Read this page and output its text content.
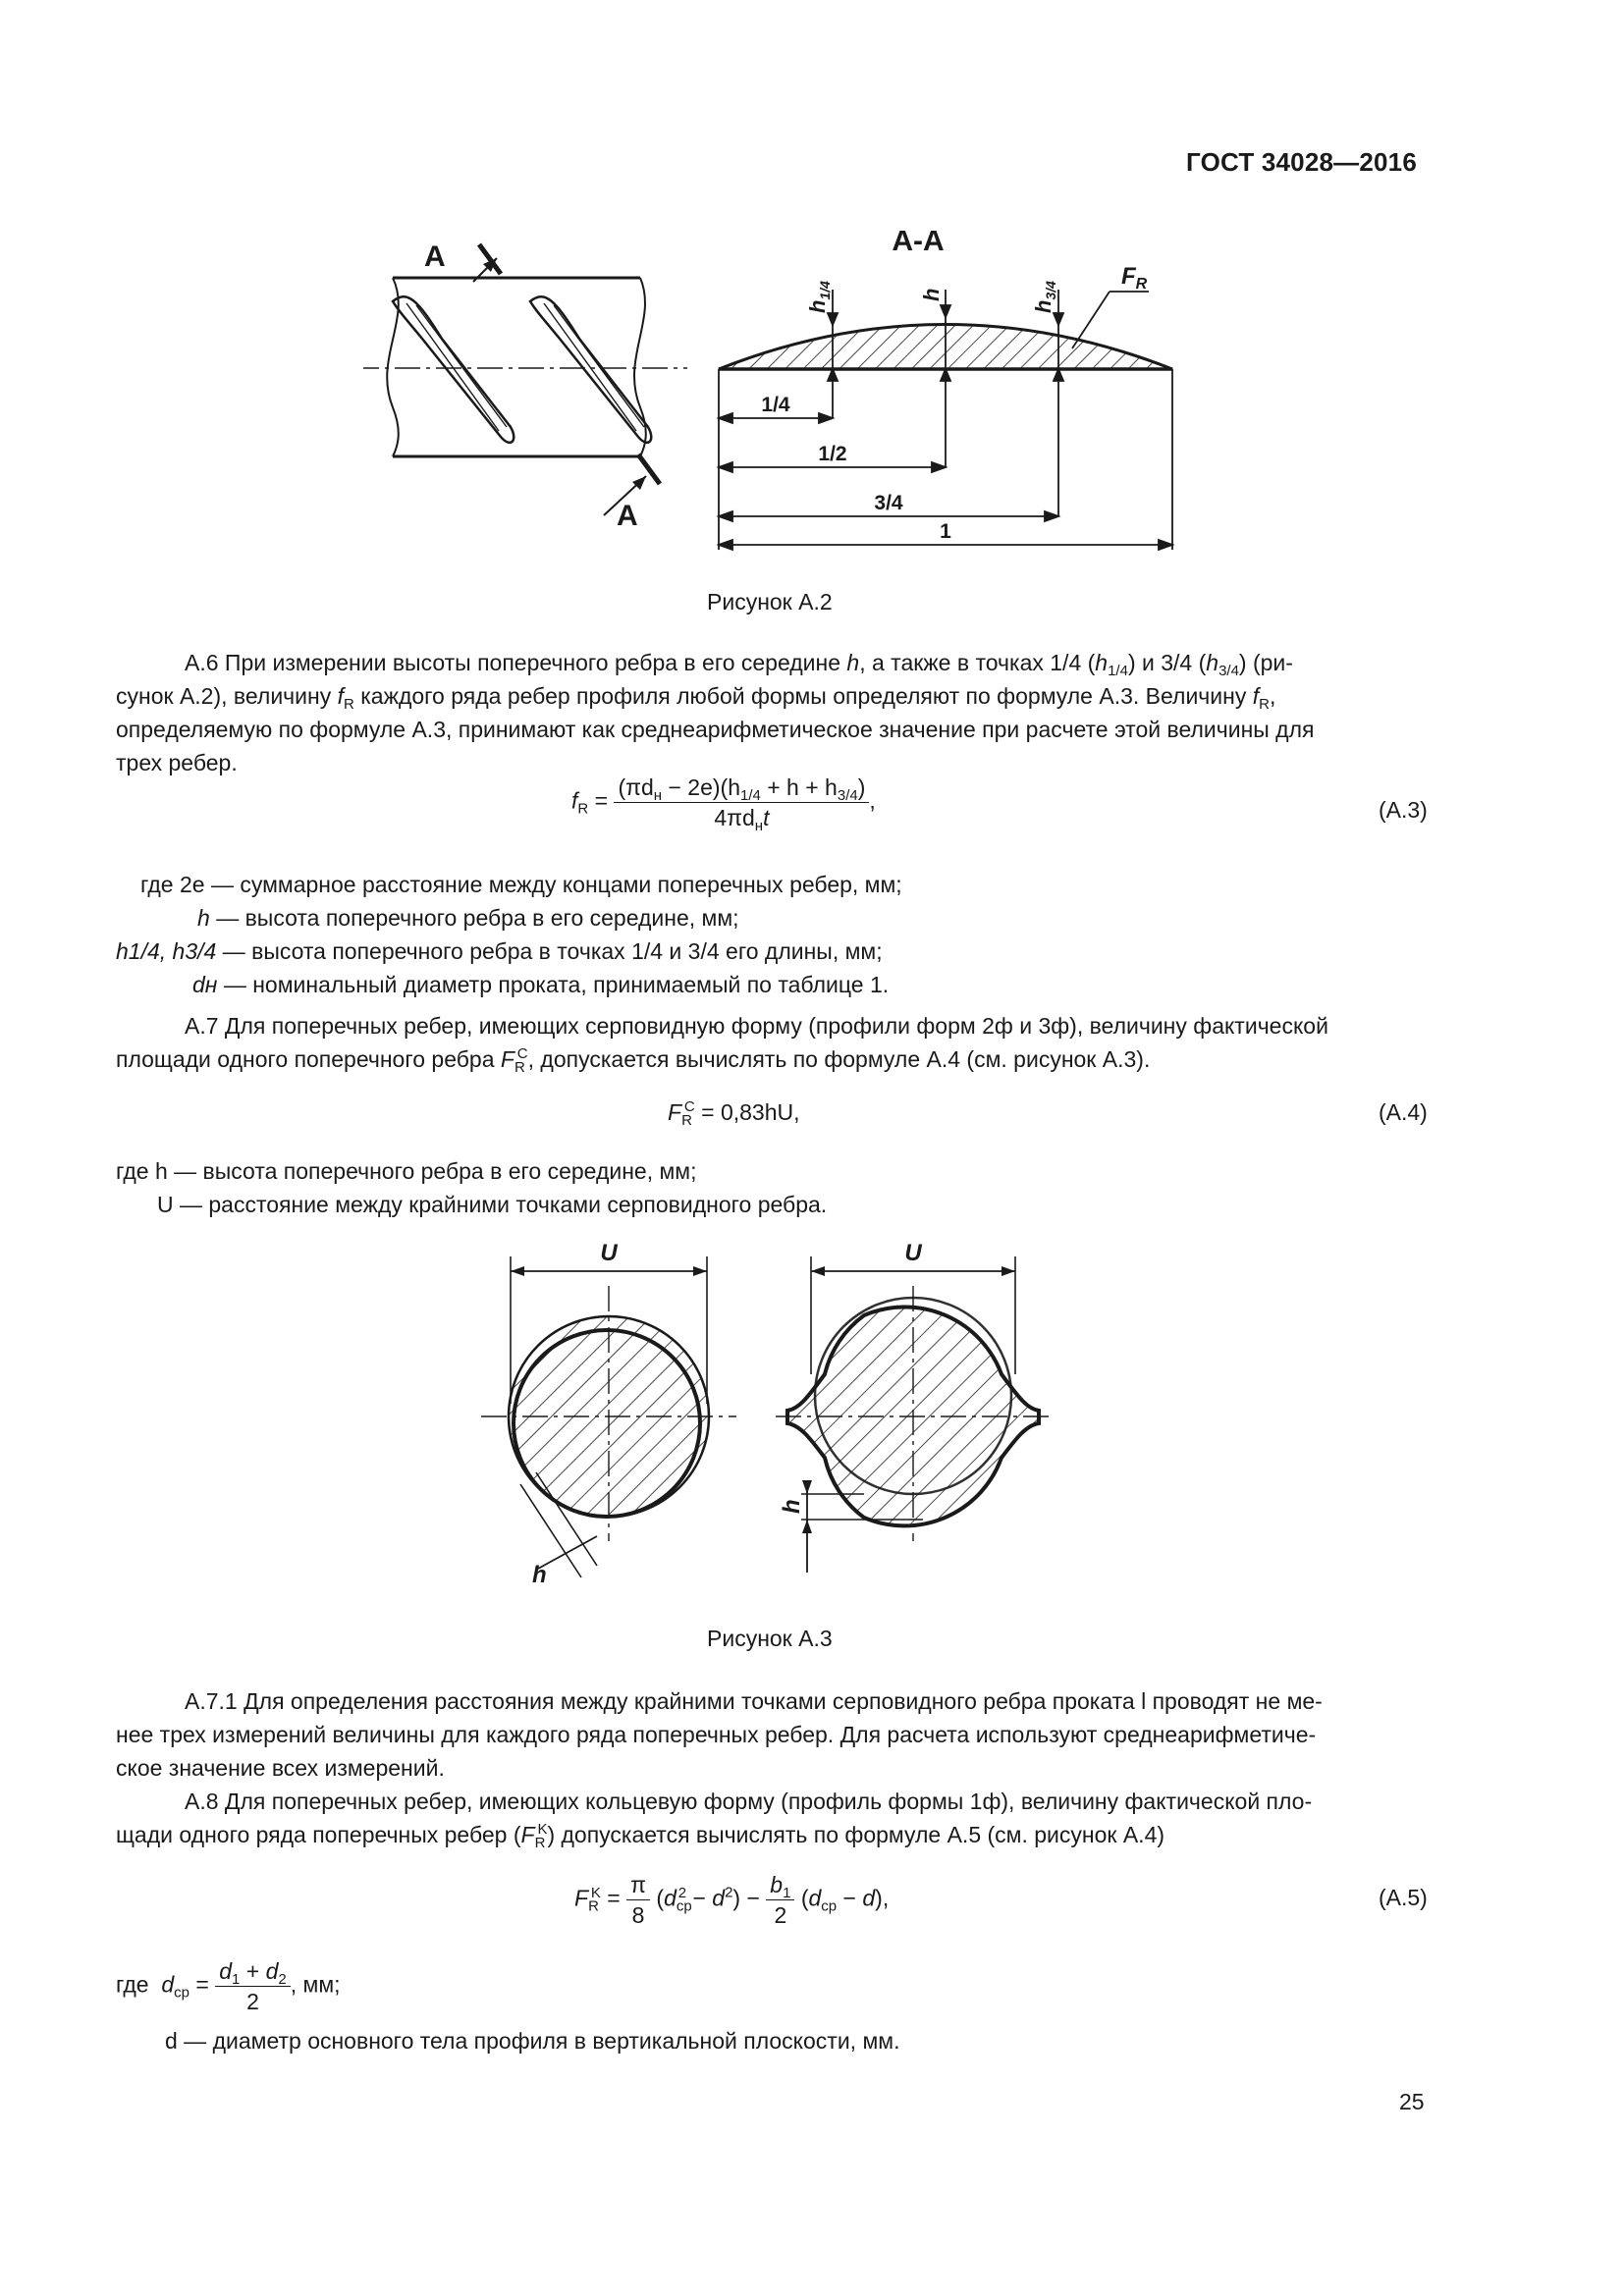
ГОСТ 34028—2016
А
А
А-А
1/4
1/2
3/4
1
$h_{1/4}$	h
$h_{3/4}$
$F_R$
Рисунок А.2
А.6 При измерении высоты поперечного ребра в его середине h, а также в точках 1/4 $(h_{1/4})$ и 3/4 $(h_{3/4})$ (ри-
сунок А.2), величину $f_R$ каждого ряда ребер профиля любой формы определяют по формуле А.3. Величину $f_R$,
определяемую по формуле А.3, принимают как среднеарифметическое значение при расчете этой величины для
трех ребер.
$f_R = \frac{(\pi d_н - 2e)(h_{1/4} + h + h_{3/4})}{4\pi d_нt}$ ,	(А.3)
где 2e — суммарное расстояние между концами поперечных ребер, мм;
h — высота поперечного ребра в его середине, мм;
h1/4, h3/4 — высота поперечного ребра в точках 1/4 и 3/4 его длины, мм;
dн — номинальный диаметр проката, принимаемый по таблице 1.
А.7 Для поперечных ребер, имеющих серповидную форму (профили форм 2ф и 3ф), величину фактической
площади одного поперечного ребра $F_R^C$, допускается вычислять по формуле А.4 (см. рисунок А.3).
$F_R^C = 0,83hU$,	(А.4)
где h — высота поперечного ребра в его середине, мм;
U — расстояние между крайними точками серповидного ребра.
U
h
U
h
Рисунок А.3
А.7.1 Для определения расстояния между крайними точками серповидного ребра проката l проводят не ме-
нее трех измерений величины для каждого ряда поперечных ребер. Для расчета используют среднеарифметиче-
ское значение всех измерений.
А.8 Для поперечных ребер, имеющих кольцевую форму (профиль формы 1ф), величину фактической пло-
щади одного ряда поперечных ребер $(F_R^K)$ допускается вычислять по формуле А.5 (см. рисунок А.4)
$F_R^K = \frac{\pi}{8} (d_{ср}^2 - d^2) - \frac{b_1}{2} (d_{ср} - d)$,	(А.5)
где $d_{ср} = \frac{d_1 + d_2}{2}$ , мм;
d — диаметр основного тела профиля в вертикальной плоскости, мм.
25
